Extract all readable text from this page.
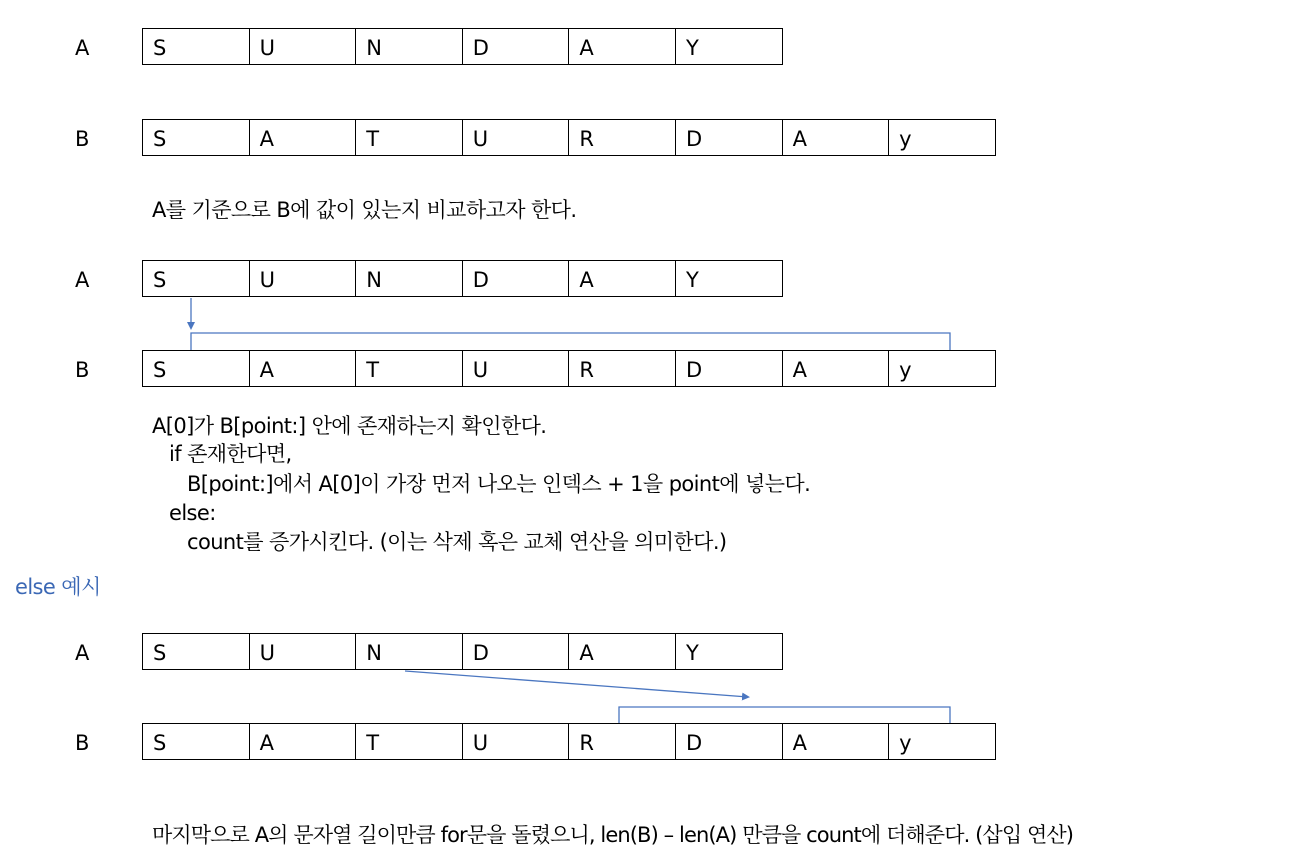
A	S	U	N	D	A	Y
B	S	A	T	U	R	D	A	y
A를 기준으로 B에 값이 있는지 비교하고자 한다.
A	S	U	N	D	A	Y
B	S	A	T	U	R	D	A	y
A[0]가 B[point:] 안에 존재하는지 확인한다.
if 존재한다면,
B[point:]에서 A[0]이 가장 먼저 나오는 인덱스 + 1을 point에 넣는다.
else:
count를 증가시킨다. (이는 삭제 혹은 교체 연산을 의미한다.)
else 예시
A	S	U	N	D	A	Y
B	S	A	T	U	R	D	A	y
마지막으로 A의 문자열 길이만큼 for문을 돌렸으니, len(B) – len(A) 만큼을 count에 더해준다. (삽입 연산)
